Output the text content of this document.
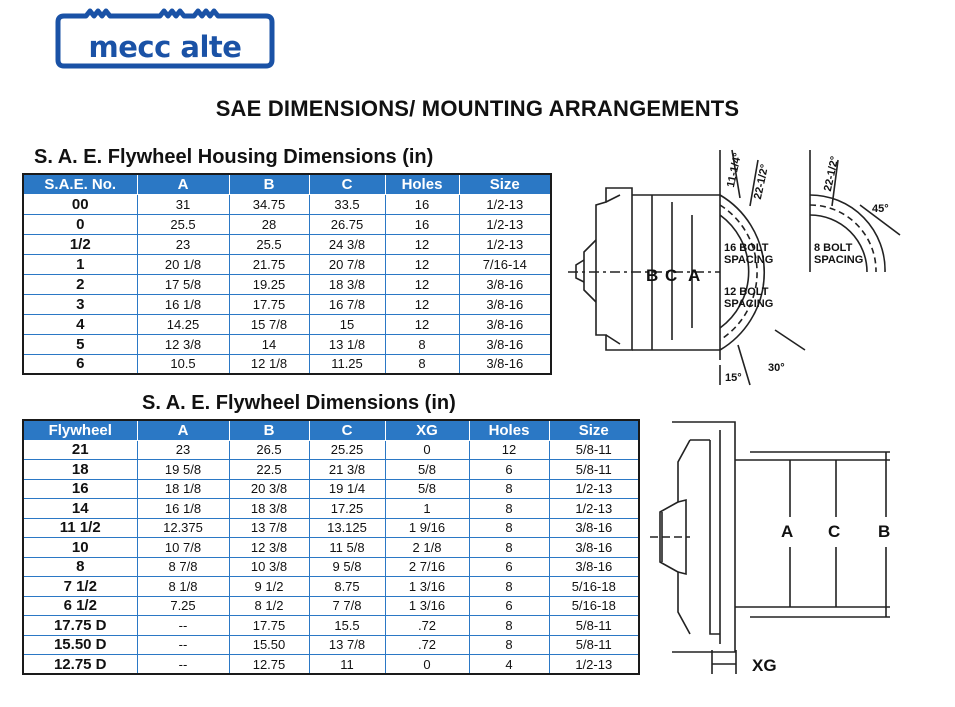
mecc alte
SAE DIMENSIONS/ MOUNTING ARRANGEMENTS
S. A. E. Flywheel Housing Dimensions (in)
S.A.E. No.	A	B	C	Holes	Size
00	31	34.75	33.5	16	1/2-13
0	25.5	28	26.75	16	1/2-13
1/2	23	25.5	24 3/8	12	1/2-13
1	20 1/8	21.75	20 7/8	12	7/16-14
2	17 5/8	19.25	18 3/8	12	3/8-16
3	16 1/8	17.75	16 7/8	12	3/8-16
4	14.25	15 7/8	15	12	3/8-16
5	12 3/8	14	13 1/8	8	3/8-16
6	10.5	12 1/8	11.25	8	3/8-16
S. A. E. Flywheel Dimensions (in)
Flywheel	A	B	C	XG	Holes	Size
21	23	26.5	25.25	0	12	5/8-11
18	19 5/8	22.5	21 3/8	5/8	6	5/8-11
16	18 1/8	20 3/8	19 1/4	5/8	8	1/2-13
14	16 1/8	18 3/8	17.25	1	8	1/2-13
11 1/2	12.375	13 7/8	13.125	1 9/16	8	3/8-16
10	10 7/8	12 3/8	11 5/8	2 1/8	8	3/8-16
8	8 7/8	10 3/8	9 5/8	2 7/16	6	3/8-16
7 1/2	8 1/8	9 1/2	8.75	1 3/16	8	5/16-18
6 1/2	7.25	8 1/2	7 7/8	1 3/16	6	5/16-18
17.75 D	--	17.75	15.5	.72	8	5/8-11
15.50 D	--	15.50	13 7/8	.72	8	5/8-11
12.75 D	--	12.75	11	0	4	1/2-13
B C A
16 BOLT
SPACING
12 BOLT
SPACING
8 BOLT
SPACING
11-1/4° 22-1/2°	22-1/2°
45°
30°
15°
A C B
XG
